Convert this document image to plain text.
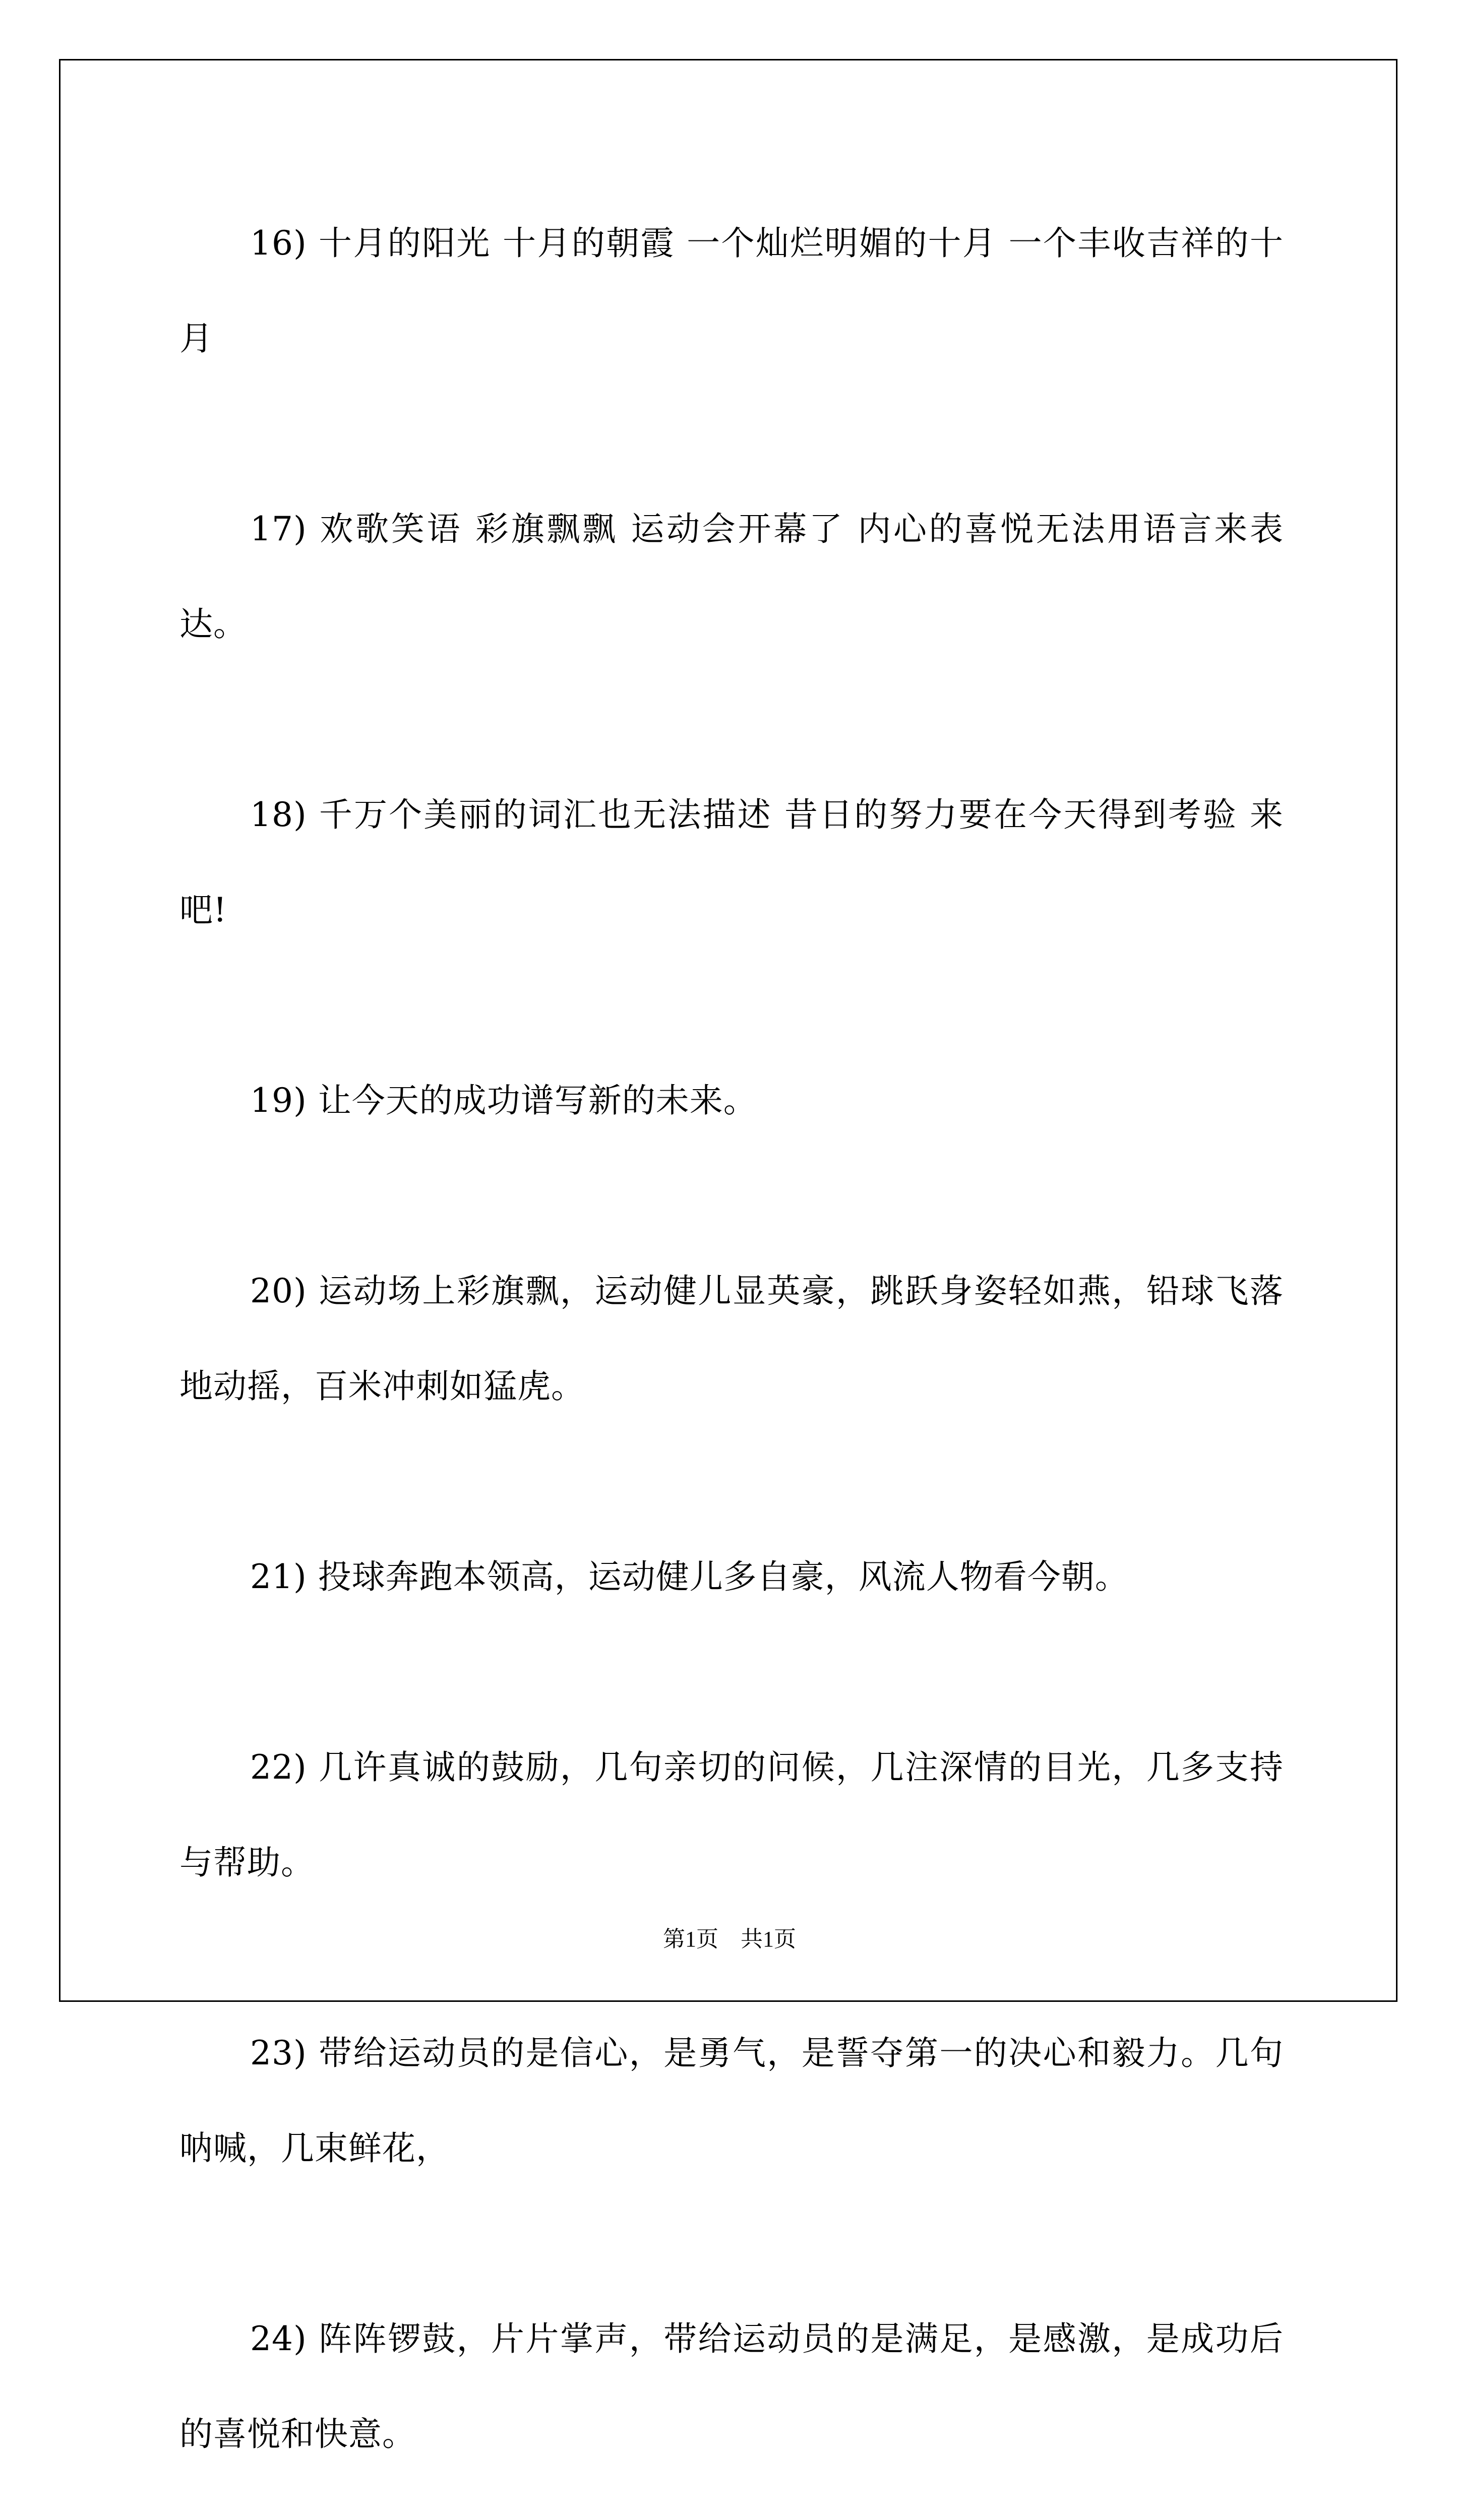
16) 十月的阳光 十月的朝霞 一个灿烂明媚的十月 一个丰收吉祥的十月

17) 欢歌笑语 彩旗飘飘 运动会开幕了 内心的喜悦无法用语言来表达。

18) 千万个美丽的词汇也无法描述 昔日的努力要在今天得到考验 来吧!

19) 让今天的成功谱写新的未来。

20) 运动场上彩旗飘，运动健儿显英豪，跳跃身姿轻如燕，铅球飞落地动摇，百米冲刺如猛虎。

21) 投球奔跑本领高，运动健儿多自豪，风流人物看今朝。

22) 几许真诚的鼓励，几句亲切的问候，几注深情的目光，几多支持与帮助。

23) 带给运动员的是信心，是勇气，是誓夺第一的决心和毅力。几句呐喊，几束鲜花，

24) 阵阵锣鼓，片片掌声，带给运动员的是满足，是感激，是成功后的喜悦和快意。

第1页　共1页
